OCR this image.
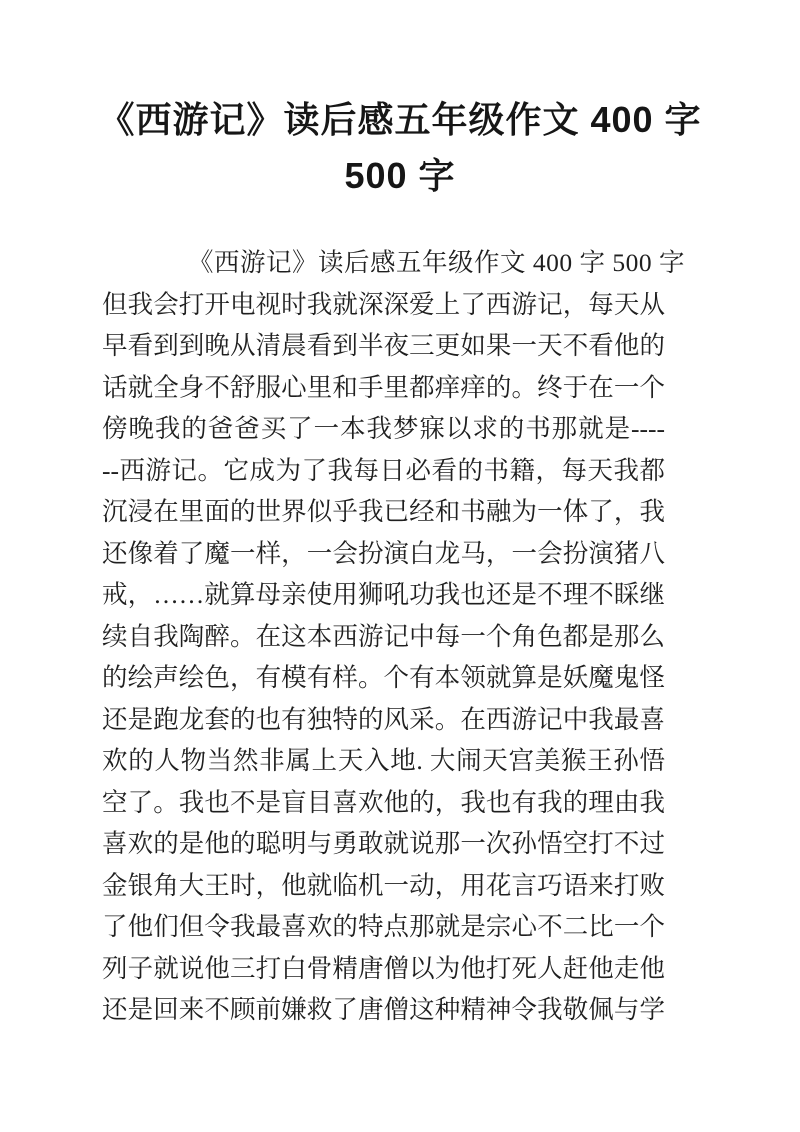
《西游记》读后感五年级作文 400 字
500 字
《西游记》读后感五年级作文 400 字 500 字
但我会打开电视时我就深深爱上了西游记，每天从
早看到到晚从清晨看到半夜三更如果一天不看他的
话就全身不舒服心里和手里都痒痒的。终于在一个
傍晚我的爸爸买了一本我梦寐以求的书那就是----
--西游记。它成为了我每日必看的书籍，每天我都
沉浸在里面的世界似乎我已经和书融为一体了，我
还像着了魔一样，一会扮演白龙马，一会扮演猪八
戒，……就算母亲使用狮吼功我也还是不理不睬继
续自我陶醉。在这本西游记中每一个角色都是那么
的绘声绘色，有模有样。个有本领就算是妖魔鬼怪
还是跑龙套的也有独特的风采。在西游记中我最喜
欢的人物当然非属上天入地. 大闹天宫美猴王孙悟
空了。我也不是盲目喜欢他的，我也有我的理由我
喜欢的是他的聪明与勇敢就说那一次孙悟空打不过
金银角大王时，他就临机一动，用花言巧语来打败
了他们但令我最喜欢的特点那就是宗心不二比一个
列子就说他三打白骨精唐僧以为他打死人赶他走他
还是回来不顾前嫌救了唐僧这种精神令我敬佩与学
